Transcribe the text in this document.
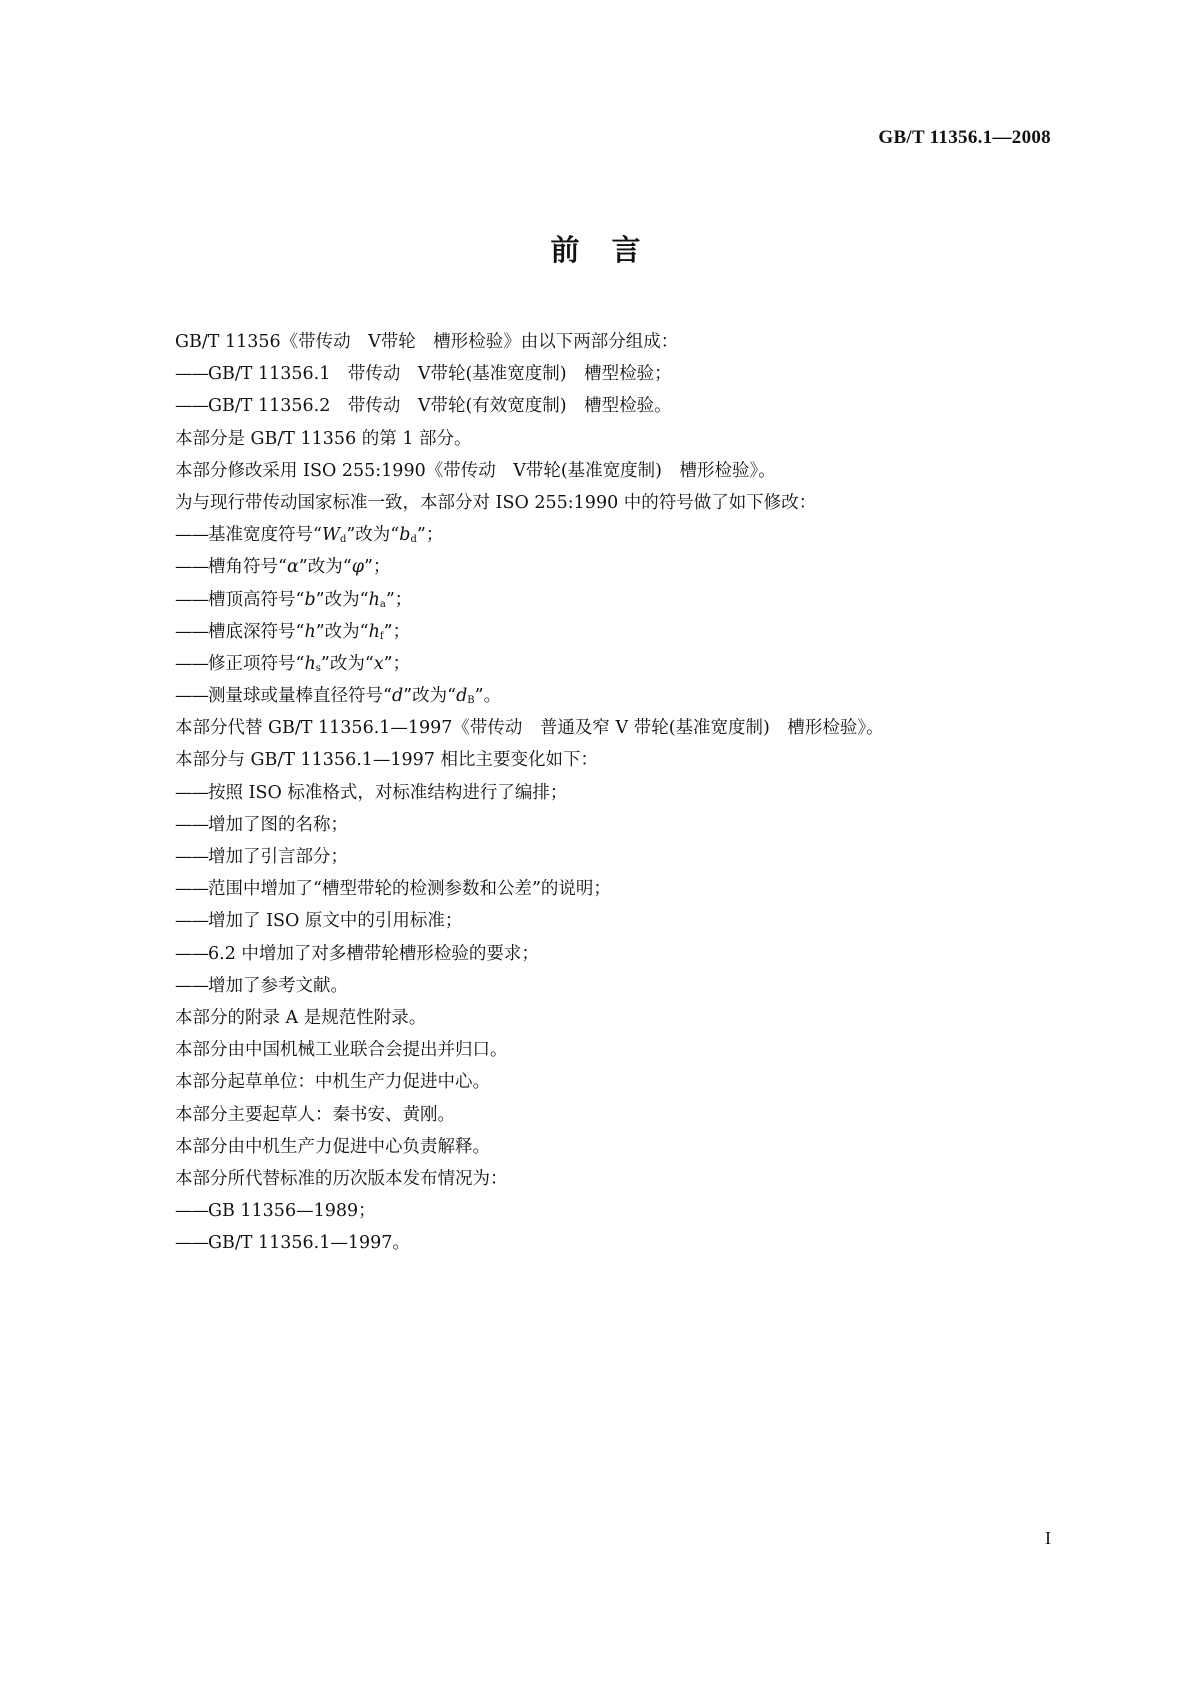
GB/T 11356.1—2008
前言
GB/T 11356《带传动　V带轮　槽形检验》由以下两部分组成：
——GB/T 11356.1　带传动　V带轮(基准宽度制)　槽型检验；
——GB/T 11356.2　带传动　V带轮(有效宽度制)　槽型检验。
本部分是 GB/T 11356 的第 1 部分。
本部分修改采用 ISO 255:1990《带传动　V带轮(基准宽度制)　槽形检验》。
为与现行带传动国家标准一致，本部分对 ISO 255:1990 中的符号做了如下修改：
——基准宽度符号“$W_d$”改为“$b_d$”；
——槽角符号“α”改为“φ”；
——槽顶高符号“b”改为“$h_a$”；
——槽底深符号“h”改为“$h_f$”；
——修正项符号“$h_s$”改为“x”；
——测量球或量棒直径符号“d”改为“$d_B$”。
本部分代替 GB/T 11356.1—1997《带传动　普通及窄 V 带轮(基准宽度制)　槽形检验》。
本部分与 GB/T 11356.1—1997 相比主要变化如下：
——按照 ISO 标准格式，对标准结构进行了编排；
——增加了图的名称；
——增加了引言部分；
——范围中增加了“槽型带轮的检测参数和公差”的说明；
——增加了 ISO 原文中的引用标准；
——6.2 中增加了对多槽带轮槽形检验的要求；
——增加了参考文献。
本部分的附录 A 是规范性附录。
本部分由中国机械工业联合会提出并归口。
本部分起草单位：中机生产力促进中心。
本部分主要起草人：秦书安、黄刚。
本部分由中机生产力促进中心负责解释。
本部分所代替标准的历次版本发布情况为：
——GB 11356—1989；
——GB/T 11356.1—1997。
I
